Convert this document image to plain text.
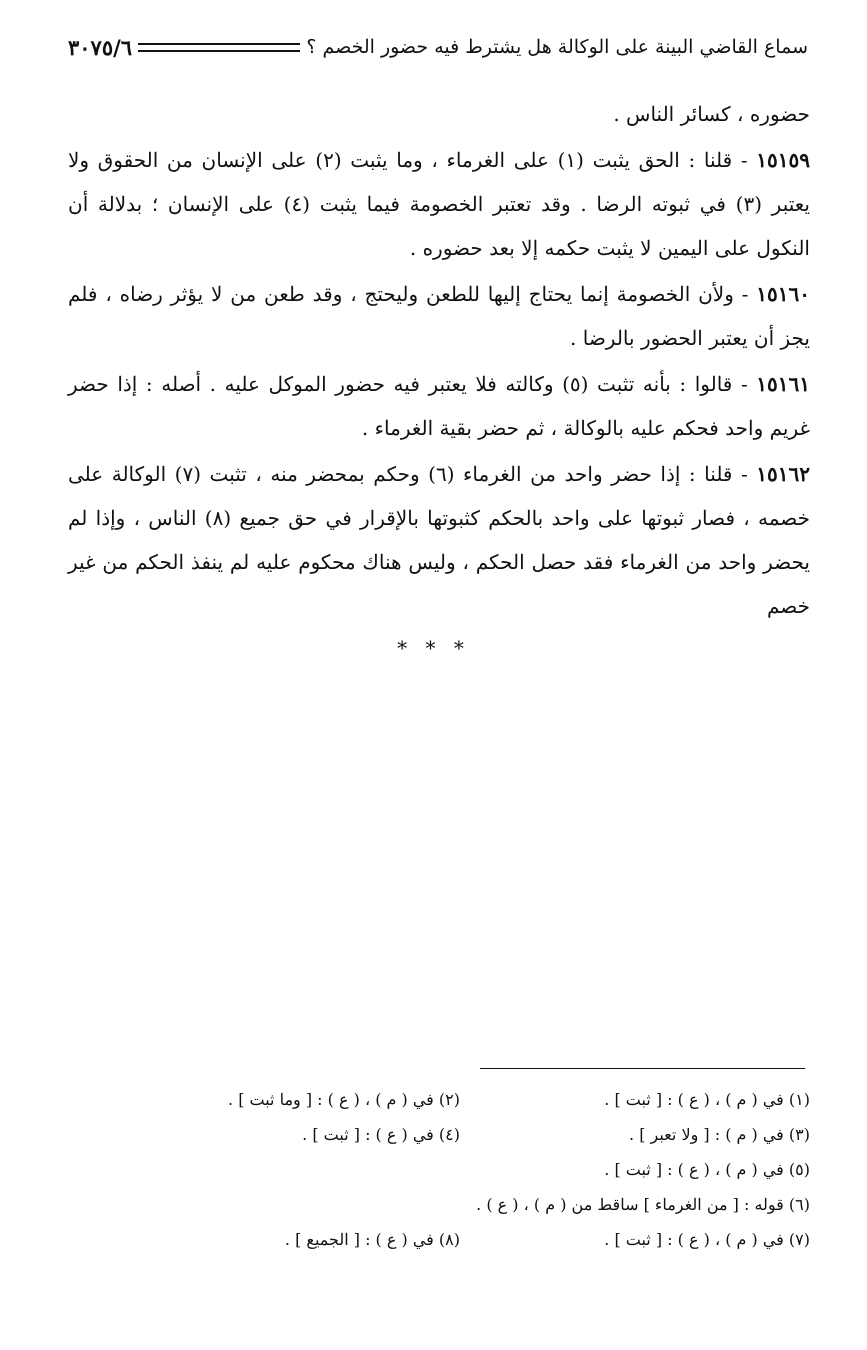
سماع القاضي البينة على الوكالة هل يشترط فيه حضور الخصم ؟
٣٠٧٥/٦

حضوره ، كسائر الناس .

١٥١٥٩ - قلنا : الحق يثبت (١) على الغرماء ، وما يثبت (٢) على الإنسان من الحقوق ولا يعتبر (٣) في ثبوته الرضا . وقد تعتبر الخصومة فيما يثبت (٤) على الإنسان ؛ بدلالة أن النكول على اليمين لا يثبت حكمه إلا بعد حضوره .

١٥١٦٠ - ولأن الخصومة إنما يحتاج إليها للطعن وليحتج ، وقد طعن من لا يؤثر رضاه ، فلم يجز أن يعتبر الحضور بالرضا .

١٥١٦١ - قالوا : بأنه تثبت (٥) وكالته فلا يعتبر فيه حضور الموكل عليه . أصله : إذا حضر غريم واحد فحكم عليه بالوكالة ، ثم حضر بقية الغرماء .

١٥١٦٢ - قلنا : إذا حضر واحد من الغرماء (٦) وحكم بمحضر منه ، تثبت (٧) الوكالة على خصمه ، فصار ثبوتها على واحد بالحكم كثبوتها بالإقرار في حق جميع (٨) الناس ، وإذا لم يحضر واحد من الغرماء فقد حصل الحكم ، وليس هناك محكوم عليه لم ينفذ الحكم من غير خصم

* * *
(١) في ( م ) ، ( ع ) : [ ثبت ] .
(٢) في ( م ) ، ( ع ) : [ وما ثبت ] .
(٣) في ( م ) : [ ولا تعبر ] .
(٤) في ( ع ) : [ ثبت ] .
(٥) في ( م ) ، ( ع ) : [ ثبت ] .
(٦) قوله : [ من الغرماء ] ساقط من ( م ) ، ( ع ) .
(٧) في ( م ) ، ( ع ) : [ ثبت ] .
(٨) في ( ع ) : [ الجميع ] .
